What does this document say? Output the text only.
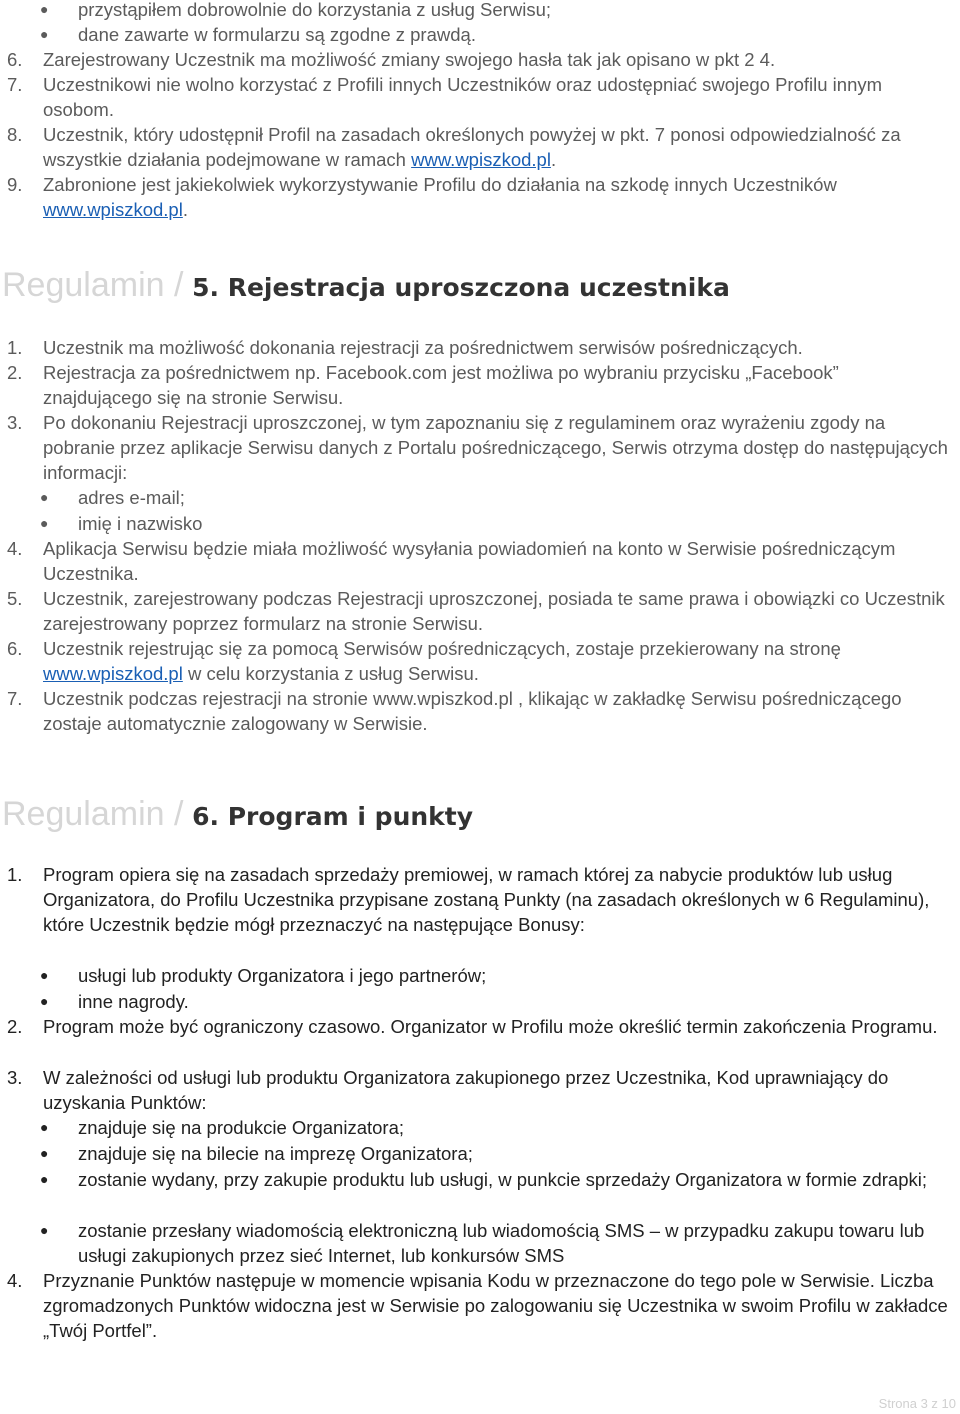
● przystąpiłem dobrowolnie do korzystania z usług Serwisu;
● dane zawarte w formularzu są zgodne z prawdą.
6. Zarejestrowany Uczestnik ma możliwość zmiany swojego hasła tak jak opisano w pkt 2 4.
7. Uczestnikowi nie wolno korzystać z Profili innych Uczestników oraz udostępniać swojego Profilu innym osobom.
8. Uczestnik, który udostępnił Profil na zasadach określonych powyżej w pkt. 7 ponosi odpowiedzialność za wszystkie działania podejmowane w ramach www.wpiszkod.pl.
9. Zabronione jest jakiekolwiek wykorzystywanie Profilu do działania na szkodę innych Uczestników www.wpiszkod.pl.
Regulamin / 5. Rejestracja uproszczona uczestnika
1. Uczestnik ma możliwość dokonania rejestracji za pośrednictwem serwisów pośredniczących.
2. Rejestracja za pośrednictwem np. Facebook.com jest możliwa po wybraniu przycisku „Facebook” znajdującego się na stronie Serwisu.
3. Po dokonaniu Rejestracji uproszczonej, w tym zapoznaniu się z regulaminem oraz wyrażeniu zgody na pobranie przez aplikacje Serwisu danych z Portalu pośredniczącego, Serwis otrzyma dostęp do następujących informacji:
● adres e-mail;
● imię i nazwisko
4. Aplikacja Serwisu będzie miała możliwość wysyłania powiadomień na konto w Serwisie pośredniczącym Uczestnika.
5. Uczestnik, zarejestrowany podczas Rejestracji uproszczonej, posiada te same prawa i obowiązki co Uczestnik zarejestrowany poprzez formularz na stronie Serwisu.
6. Uczestnik rejestrując się za pomocą Serwisów pośredniczących, zostaje przekierowany na stronę www.wpiszkod.pl w celu korzystania z usług Serwisu.
7. Uczestnik podczas rejestracji na stronie www.wpiszkod.pl , klikając w zakładkę Serwisu pośredniczącego zostaje automatycznie zalogowany w Serwisie.
Regulamin / 6. Program i punkty
1. Program opiera się na zasadach sprzedaży premiowej, w ramach której za nabycie produktów lub usług Organizatora, do Profilu Uczestnika przypisane zostaną Punkty (na zasadach określonych w 6 Regulaminu), które Uczestnik będzie mógł przeznaczyć na następujące Bonusy:
● usługi lub produkty Organizatora i jego partnerów;
● inne nagrody.
2. Program może być ograniczony czasowo. Organizator w Profilu może określić termin zakończenia Programu.
3. W zależności od usługi lub produktu Organizatora zakupionego przez Uczestnika, Kod uprawniający do uzyskania Punktów:
● znajduje się na produkcie Organizatora;
● znajduje się na bilecie na imprezę Organizatora;
● zostanie wydany, przy zakupie produktu lub usługi, w punkcie sprzedaży Organizatora w formie zdrapki;
● zostanie przesłany wiadomością elektroniczną lub wiadomością SMS – w przypadku zakupu towaru lub usługi zakupionych przez sieć Internet, lub konkursów SMS
4. Przyznanie Punktów następuje w momencie wpisania Kodu w przeznaczone do tego pole w Serwisie. Liczba zgromadzonych Punktów widoczna jest w Serwisie po zalogowaniu się Uczestnika w swoim Profilu w zakładce „Twój Portfel”.
Strona 3 z 10
